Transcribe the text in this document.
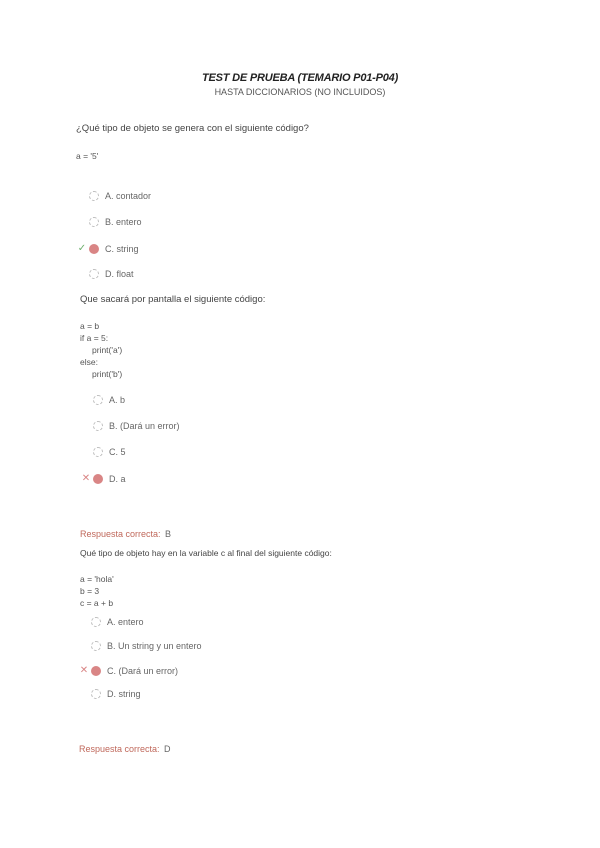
TEST DE PRUEBA (TEMARIO P01-P04)
HASTA DICCIONARIOS (NO INCLUIDOS)
¿Qué tipo de objeto se genera con el siguiente código?
a = '5'
A. contador
B. entero
✓ C. string
D. float
Que sacará por pantalla el siguiente código:
a = b
if a = 5:
print('a')
else:
print('b')
A. b
B. (Dará un error)
C. 5
✕ D. a
Respuesta correcta: B
Qué tipo de objeto hay en la variable c al final del siguiente código:
a = 'hola'
b = 3
c = a + b
A. entero
B. Un string y un entero
✕ C. (Dará un error)
D. string
Respuesta correcta: D
